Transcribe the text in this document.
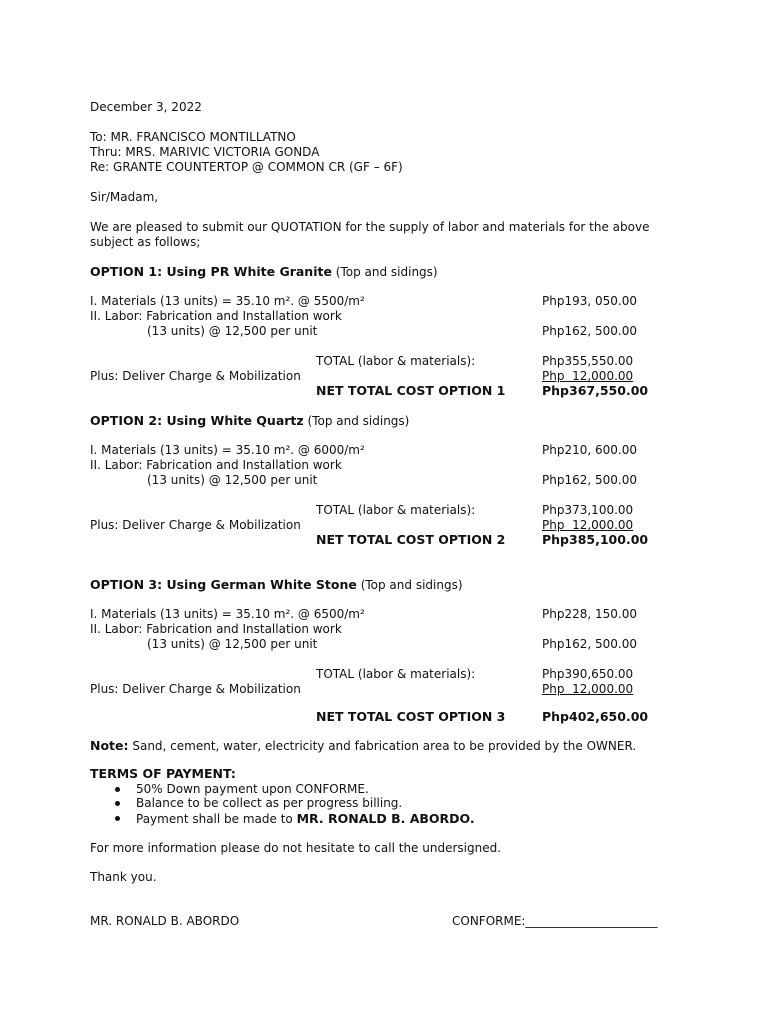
December 3, 2022
To: MR. FRANCISCO MONTILLATNO
Thru: MRS. MARIVIC VICTORIA GONDA
Re: GRANTE COUNTERTOP @ COMMON CR (GF – 6F)
Sir/Madam,
We are pleased to submit our QUOTATION for the supply of labor and materials for the above
subject as follows;
OPTION 1: Using PR White Granite (Top and sidings)
I. Materials (13 units) = 35.10 m². @ 5500/m²	Php193, 050.00
II. Labor: Fabrication and Installation work
(13 units) @ 12,500 per unit	Php162, 500.00
TOTAL (labor & materials):	Php355,550.00
Plus: Deliver Charge & Mobilization	Php  12,000.00
NET TOTAL COST OPTION 1	Php367,550.00
OPTION 2: Using White Quartz (Top and sidings)
I. Materials (13 units) = 35.10 m². @ 6000/m²	Php210, 600.00
II. Labor: Fabrication and Installation work
(13 units) @ 12,500 per unit	Php162, 500.00
TOTAL (labor & materials):	Php373,100.00
Plus: Deliver Charge & Mobilization	Php  12,000.00
NET TOTAL COST OPTION 2	Php385,100.00
OPTION 3: Using German White Stone (Top and sidings)
I. Materials (13 units) = 35.10 m². @ 6500/m²	Php228, 150.00
II. Labor: Fabrication and Installation work
(13 units) @ 12,500 per unit	Php162, 500.00
TOTAL (labor & materials):	Php390,650.00
Plus: Deliver Charge & Mobilization	Php  12,000.00
NET TOTAL COST OPTION 3	Php402,650.00
Note: Sand, cement, water, electricity and fabrication area to be provided by the OWNER.
TERMS OF PAYMENT:
50% Down payment upon CONFORME.
Balance to be collect as per progress billing.
Payment shall be made to MR. RONALD B. ABORDO.
For more information please do not hesitate to call the undersigned.
Thank you.
MR. RONALD B. ABORDO	CONFORME:______________________
